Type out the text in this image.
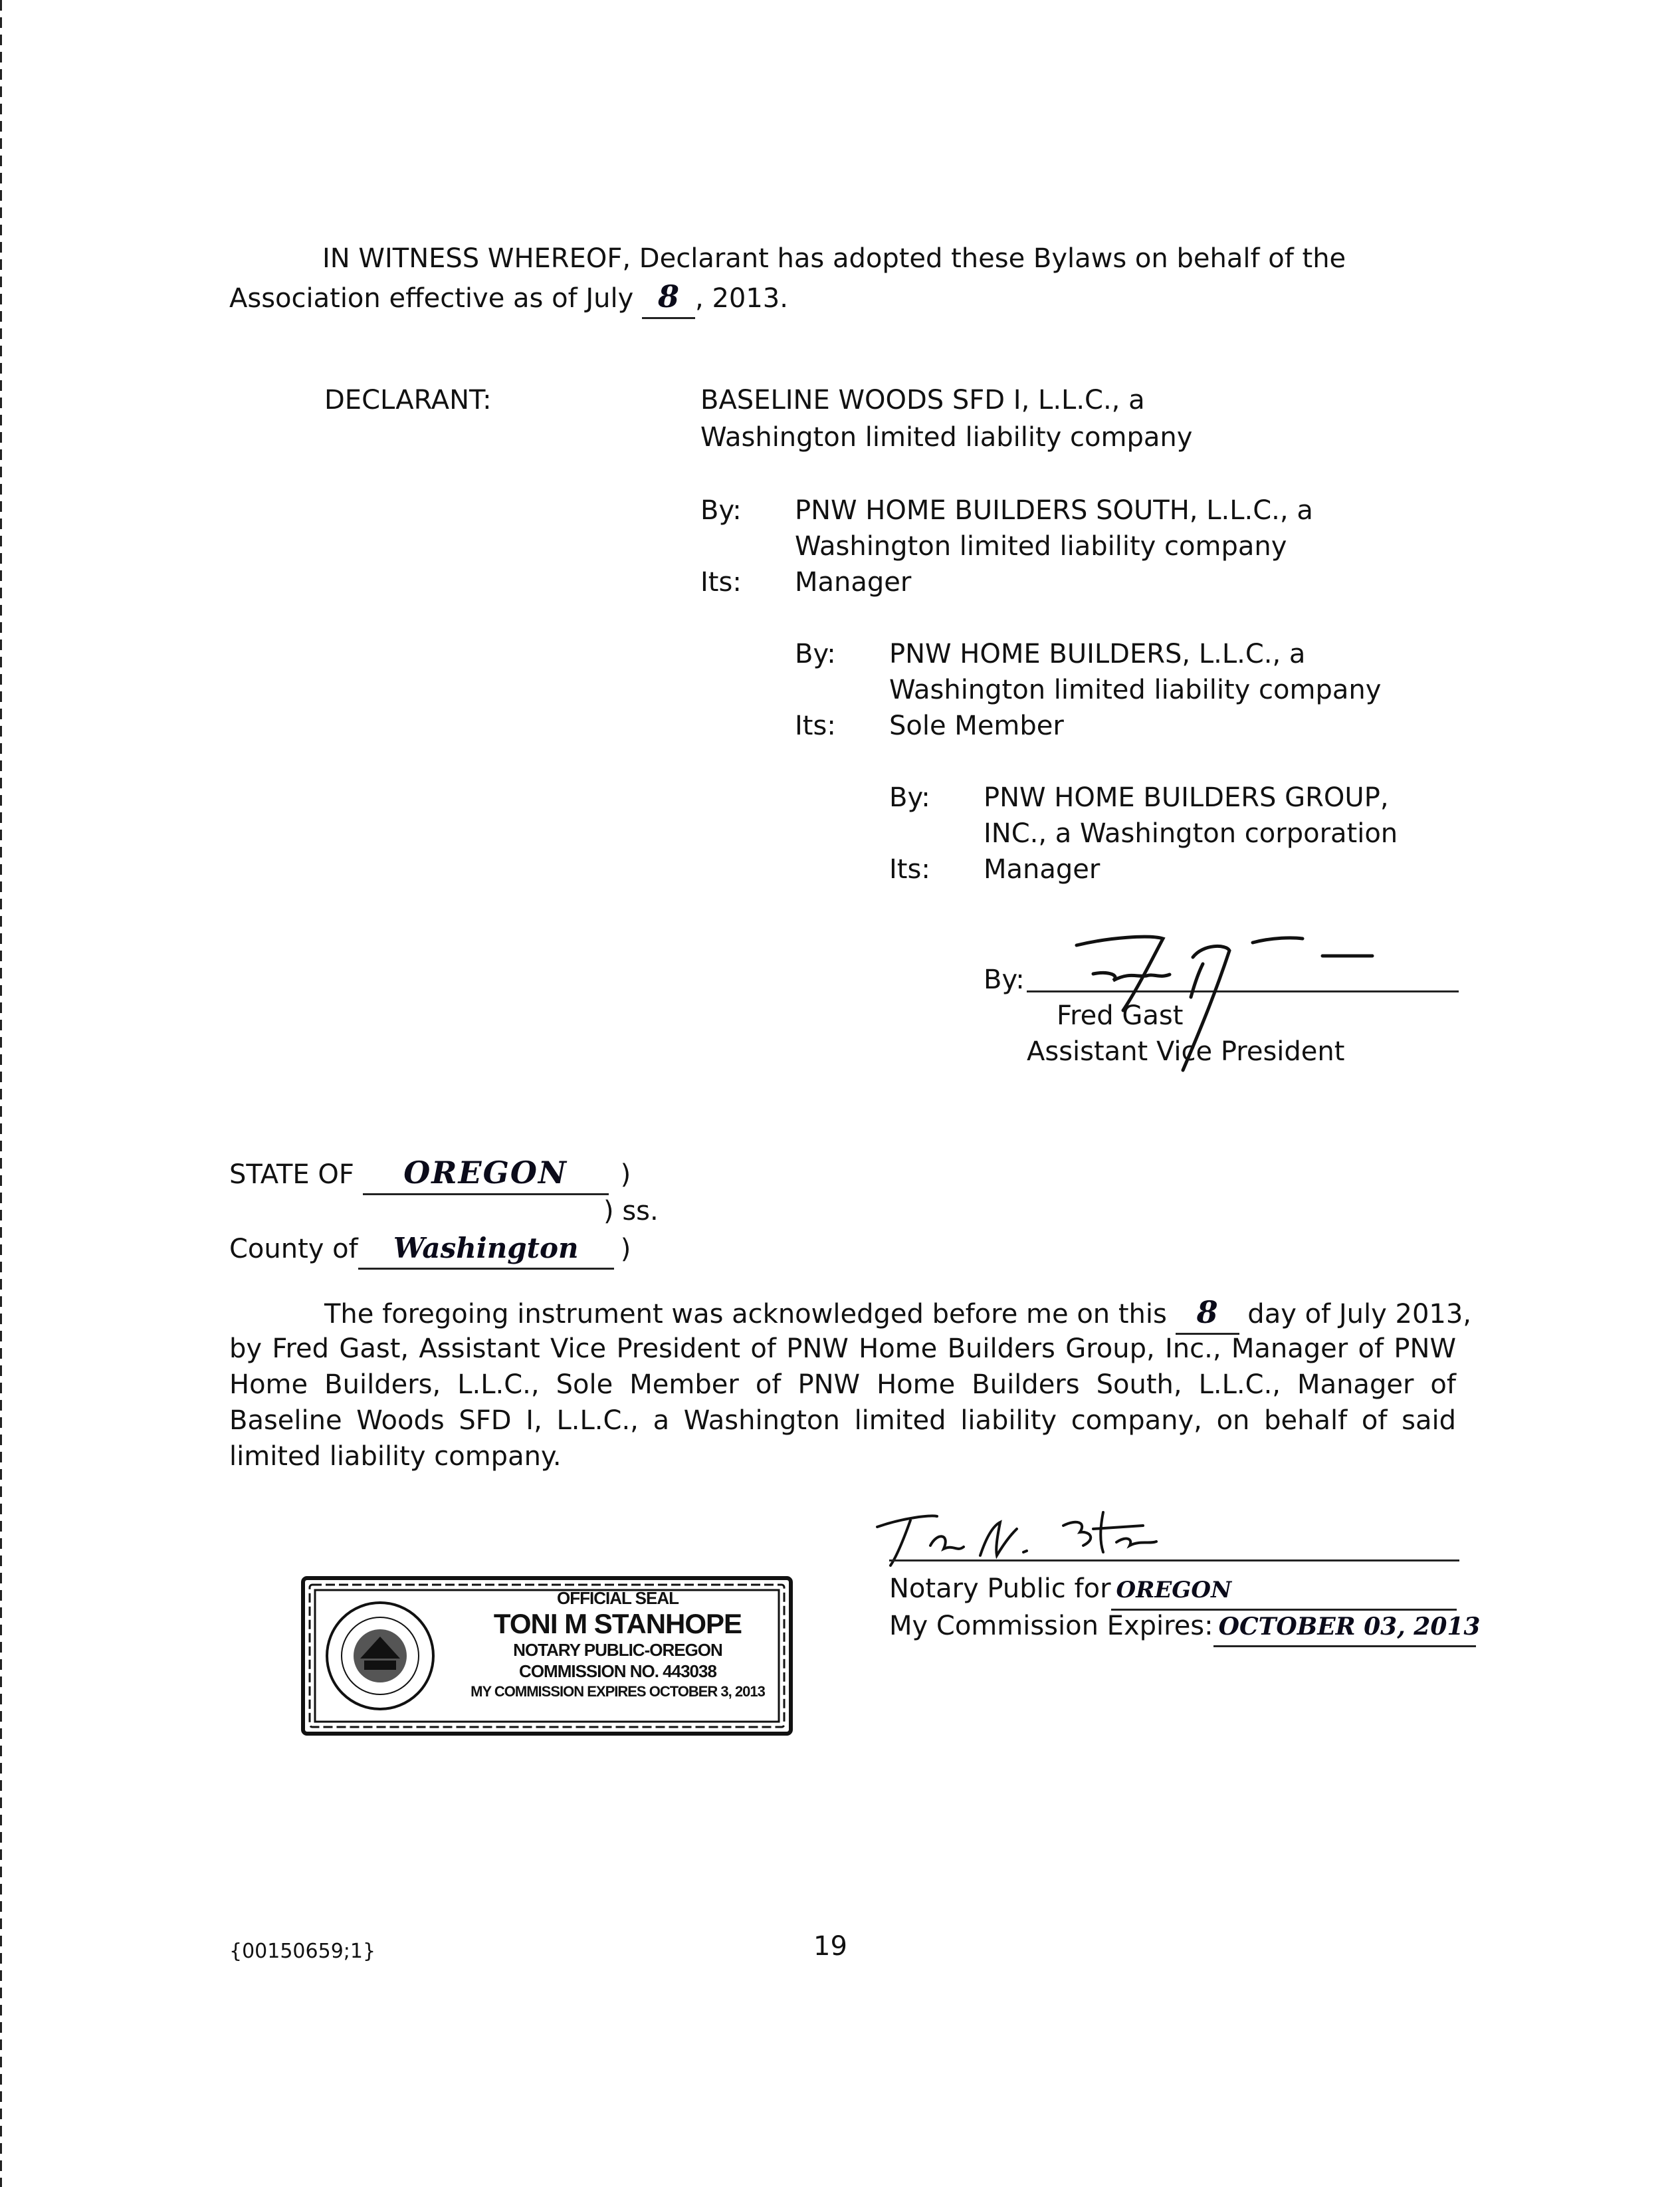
IN WITNESS WHEREOF, Declarant has adopted these Bylaws on behalf of the
Association effective as of July 8 , 2013.
DECLARANT:	BASELINE WOODS SFD I, L.L.C., a
Washington limited liability company
By: PNW HOME BUILDERS SOUTH, L.L.C., a
Washington limited liability company
Its: Manager
By: PNW HOME BUILDERS, L.L.C., a
Washington limited liability company
Its: Sole Member
By: PNW HOME BUILDERS GROUP,
INC., a Washington corporation
Its: Manager
By:
Fred Gast
Assistant Vice President
STATE OF OREGON )
) ss.
County of Washington )
The foregoing instrument was acknowledged before me on this 8 day of July 2013,
by Fred Gast, Assistant Vice President of PNW Home Builders Group, Inc., Manager of PNW Home Builders, L.L.C., Sole Member of PNW Home Builders South, L.L.C., Manager of Baseline Woods SFD I, L.L.C., a Washington limited liability company, on behalf of said limited liability company.
Notary Public for OREGON
My Commission Expires: OCTOBER 03, 2013
OFFICIAL SEAL
TONI M STANHOPE
NOTARY PUBLIC-OREGON
COMMISSION NO. 443038
MY COMMISSION EXPIRES OCTOBER 3, 2013
{00150659;1}	19
